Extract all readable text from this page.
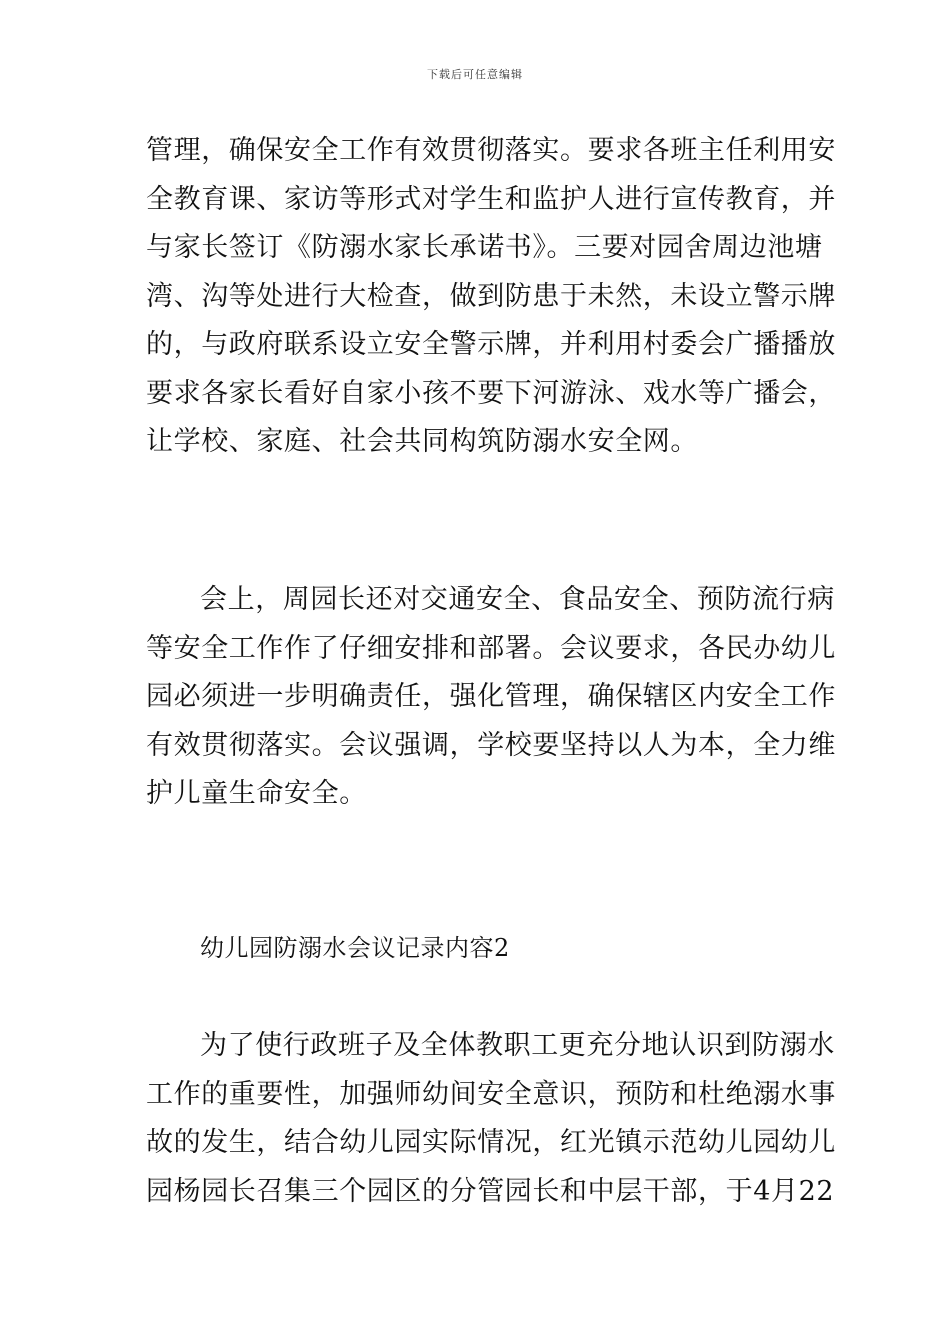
下载后可任意编辑

管理，确保安全工作有效贯彻落实。要求各班主任利用安
全教育课、家访等形式对学生和监护人进行宣传教育，并
与家长签订《防溺水家长承诺书》。三要对园舍周边池塘
湾、沟等处进行大检查，做到防患于未然，未设立警示牌
的，与政府联系设立安全警示牌，并利用村委会广播播放
要求各家长看好自家小孩不要下河游泳、戏水等广播会，
让学校、家庭、社会共同构筑防溺水安全网。

会上，周园长还对交通安全、食品安全、预防流行病
等安全工作作了仔细安排和部署。会议要求，各民办幼儿
园必须进一步明确责任，强化管理，确保辖区内安全工作
有效贯彻落实。会议强调，学校要坚持以人为本，全力维
护儿童生命安全。

幼儿园防溺水会议记录内容2

为了使行政班子及全体教职工更充分地认识到防溺水
工作的重要性，加强师幼间安全意识，预防和杜绝溺水事
故的发生，结合幼儿园实际情况，红光镇示范幼儿园幼儿
园杨园长召集三个园区的分管园长和中层干部，于4月22
